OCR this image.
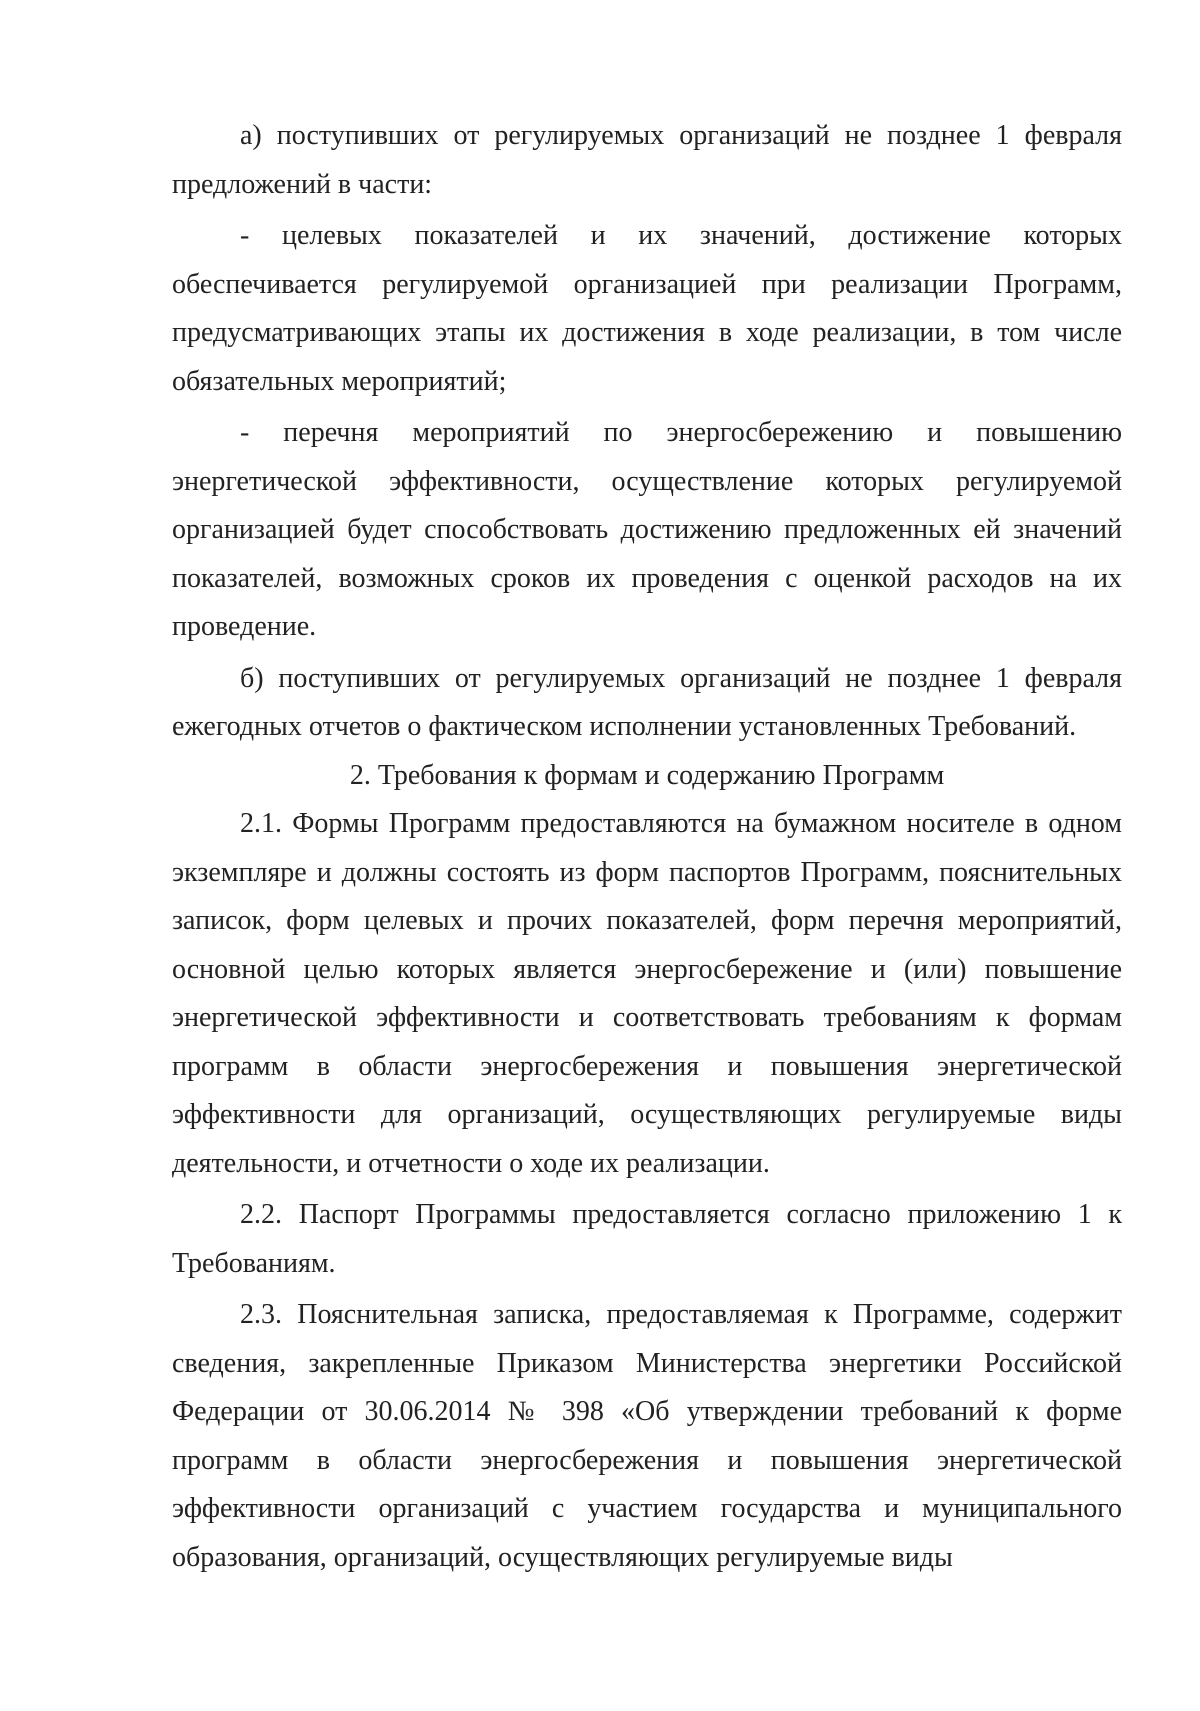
а) поступивших от регулируемых организаций не позднее 1 февраля предложений в части:

- целевых показателей и их значений, достижение которых обеспечивается регулируемой организацией при реализации Программ, предусматривающих этапы их достижения в ходе реализации, в том числе обязательных мероприятий;

- перечня мероприятий по энергосбережению и повышению энергетической эффективности, осуществление которых регулируемой организацией будет способствовать достижению предложенных ей значений показателей, возможных сроков их проведения с оценкой расходов на их проведение.

б) поступивших от регулируемых организаций не позднее 1 февраля ежегодных отчетов о фактическом исполнении установленных Требований.

2. Требования к формам и содержанию Программ

2.1. Формы Программ предоставляются на бумажном носителе в одном экземпляре и должны состоять из форм паспортов Программ, пояснительных записок, форм целевых и прочих показателей, форм перечня мероприятий, основной целью которых является энергосбережение и (или) повышение энергетической эффективности и соответствовать требованиям к формам программ в области энергосбережения и повышения энергетической эффективности для организаций, осуществляющих регулируемые виды деятельности, и отчетности о ходе их реализации.

2.2. Паспорт Программы предоставляется согласно приложению 1 к Требованиям.

2.3. Пояснительная записка, предоставляемая к Программе, содержит сведения, закрепленные Приказом Министерства энергетики Российской Федерации от 30.06.2014 № 398 «Об утверждении требований к форме программ в области энергосбережения и повышения энергетической эффективности организаций с участием государства и муниципального образования, организаций, осуществляющих регулируемые виды
